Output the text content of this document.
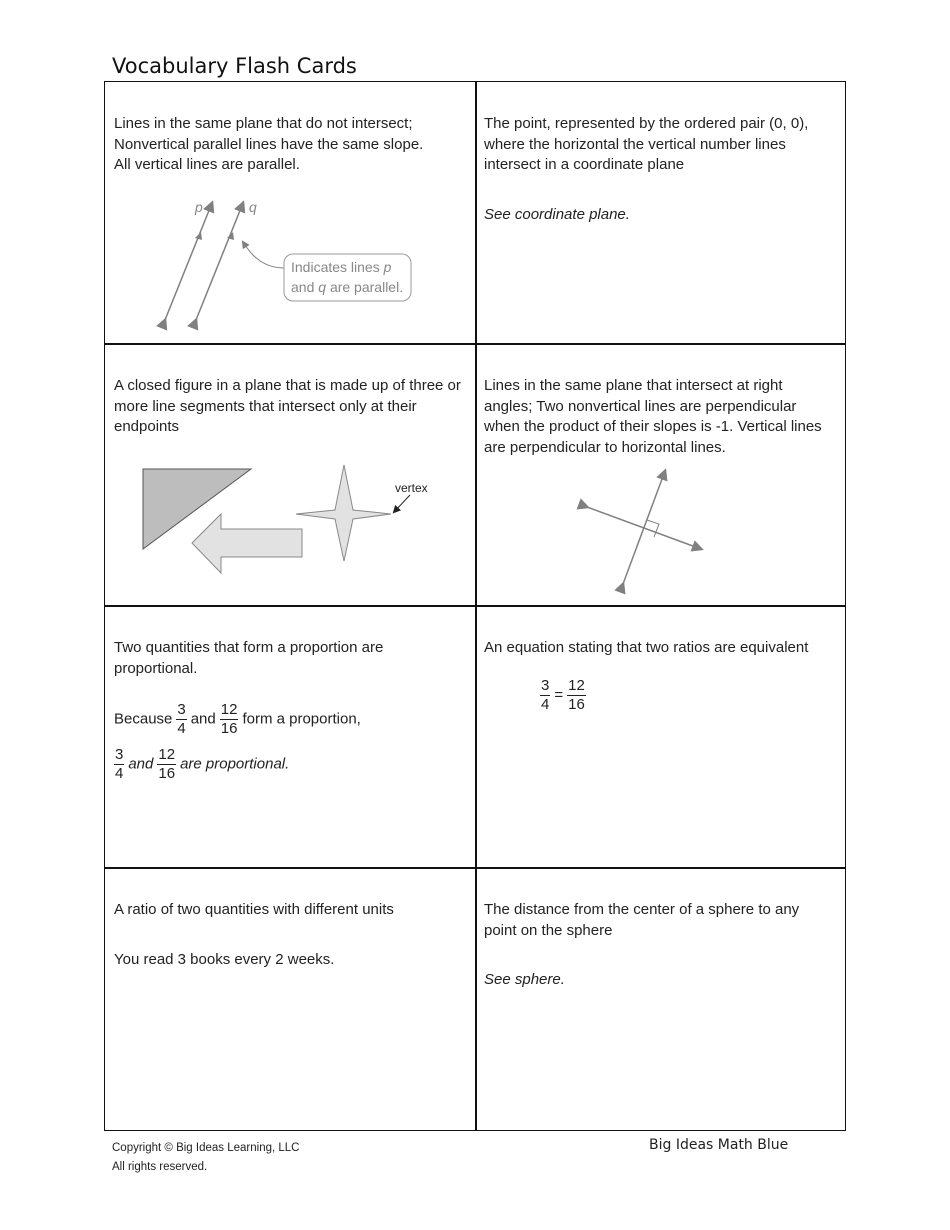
Vocabulary Flash Cards

Lines in the same plane that do not intersect;

Nonvertical parallel lines have the same slope.

All vertical lines are parallel.

p	q
Indicates lines p
and q are parallel.

The point, represented by the ordered pair (0, 0), where the horizontal the vertical number lines intersect in a coordinate plane

See coordinate plane.

A closed figure in a plane that is made up of three or more line segments that intersect only at their endpoints

vertex

Lines in the same plane that intersect at right angles; Two nonvertical lines are perpendicular when the product of their slopes is -1. Vertical lines are perpendicular to horizontal lines.

Two quantities that form a proportion are proportional.

Because $\frac{3}{4}$ and $\frac{12}{16}$ form a proportion,

$\frac{3}{4}$ and $\frac{12}{16}$ are proportional.

An equation stating that two ratios are equivalent

$\frac{3}{4} = \frac{12}{16}$

A ratio of two quantities with different units

You read 3 books every 2 weeks.

The distance from the center of a sphere to any point on the sphere

See sphere.

Copyright © Big Ideas Learning, LLC
All rights reserved.
Big Ideas Math Blue
